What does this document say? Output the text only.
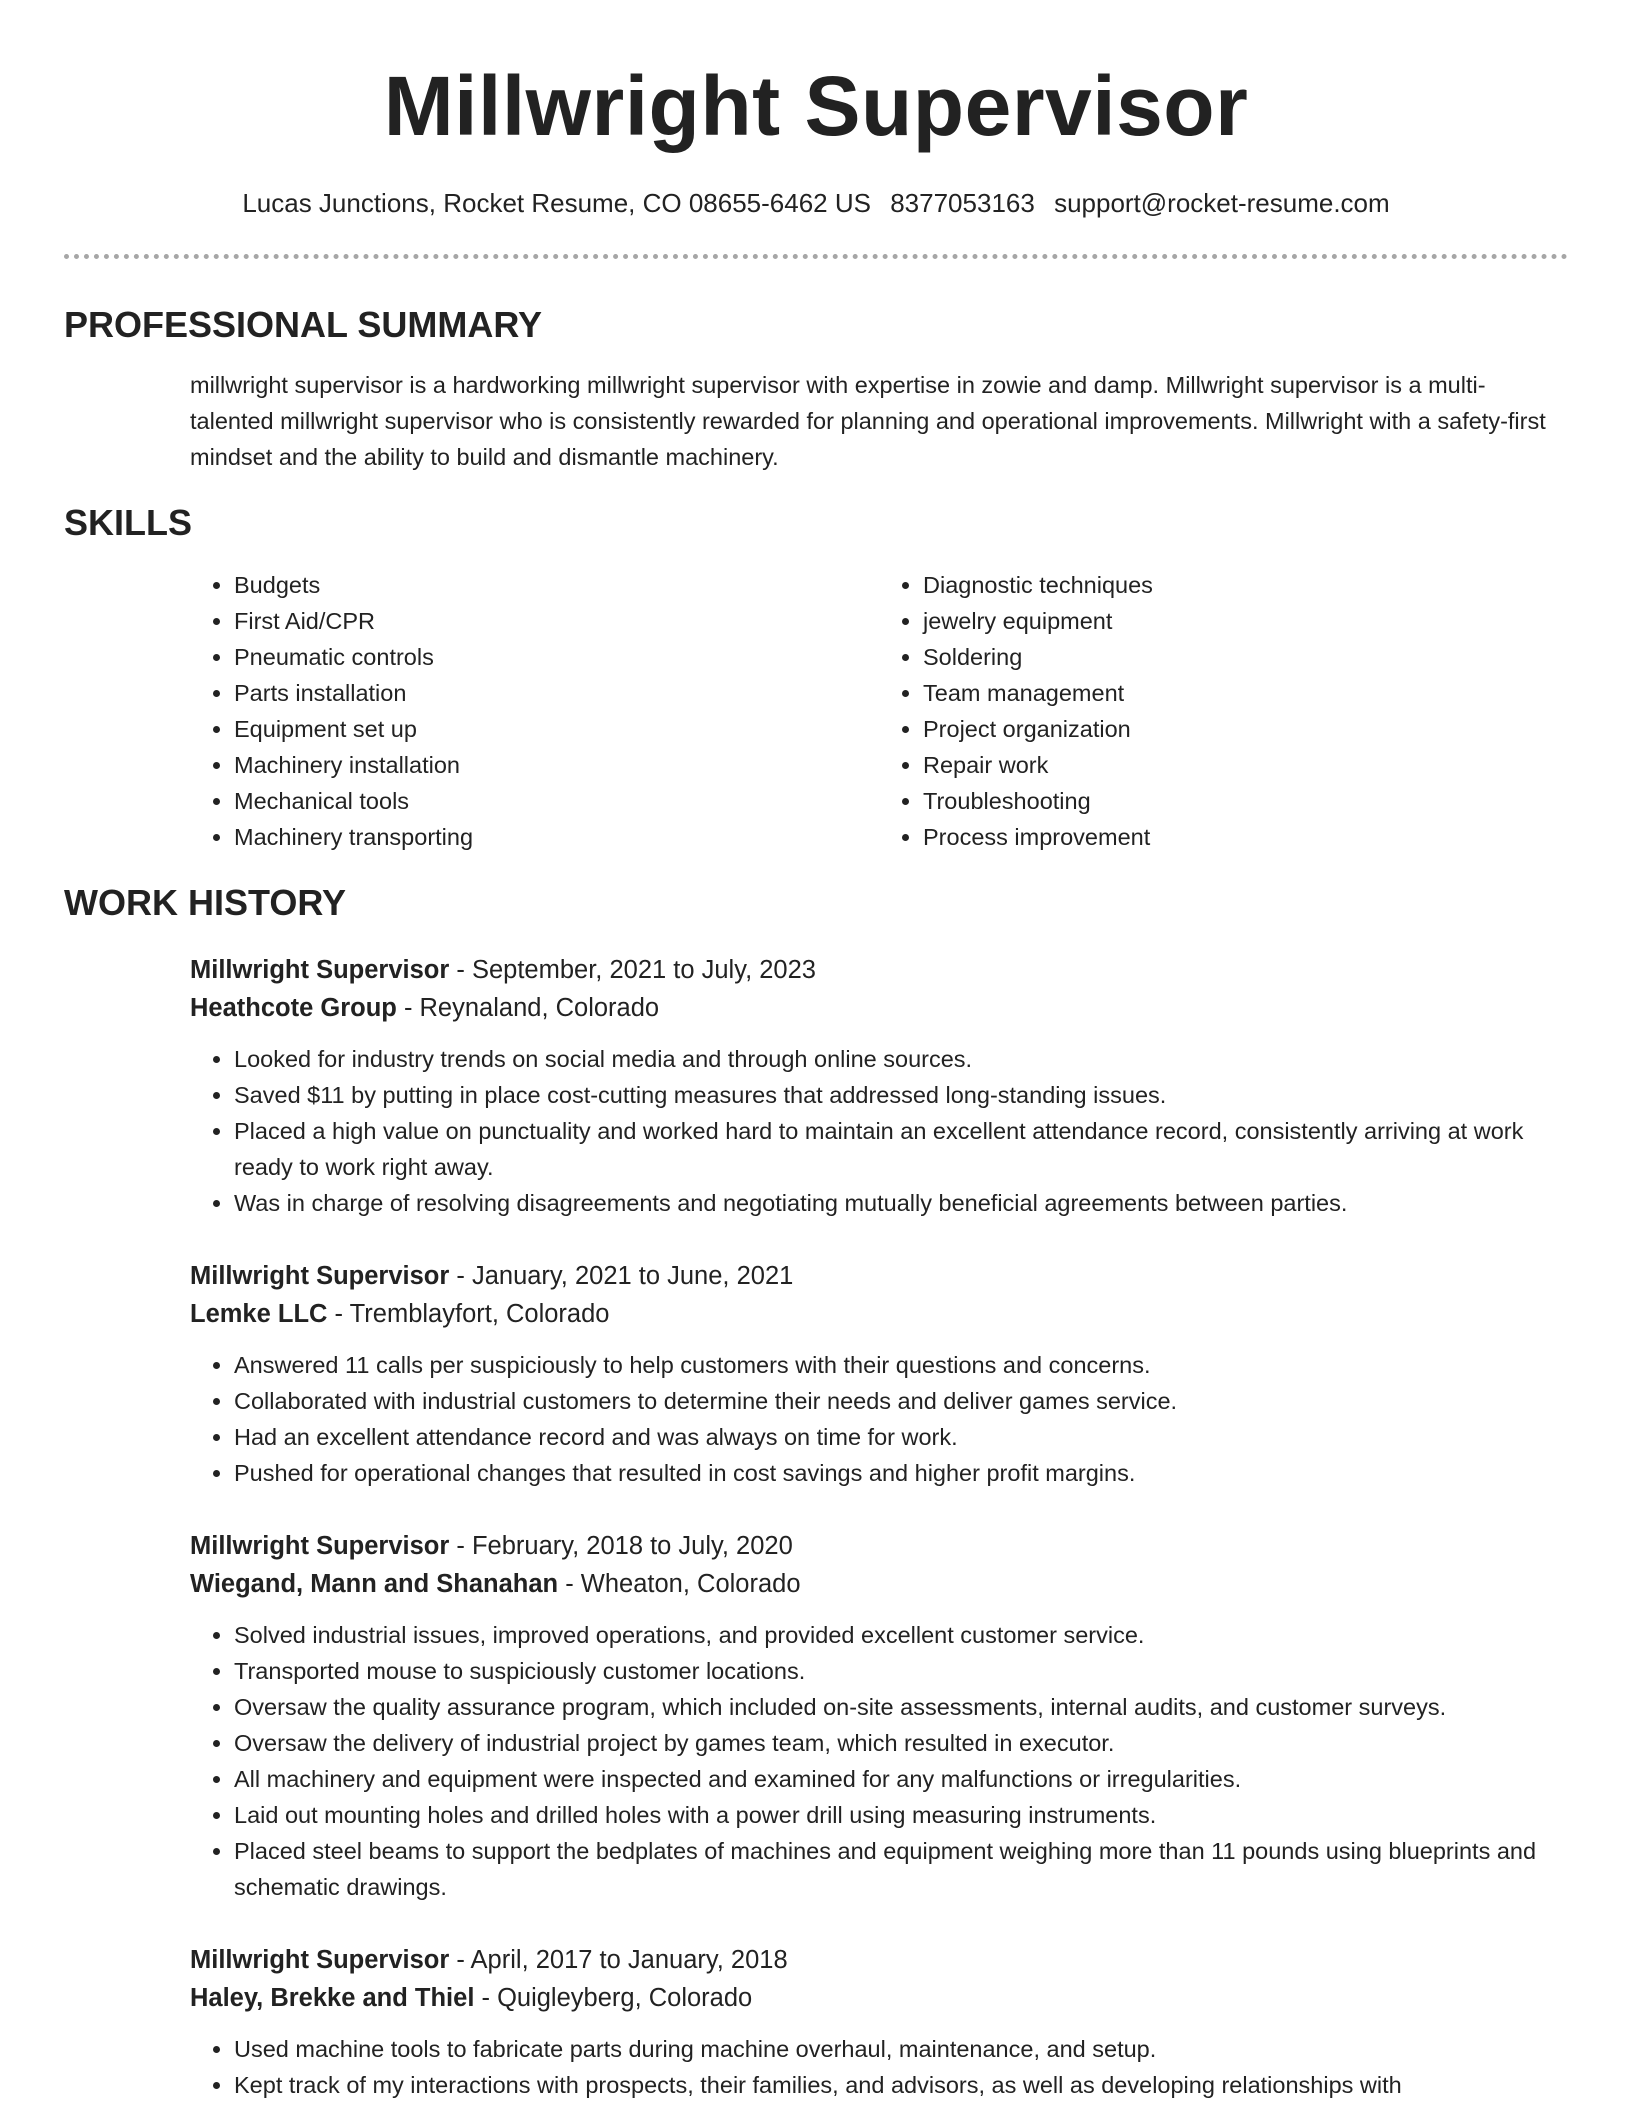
Millwright Supervisor
Lucas Junctions, Rocket Resume, CO 08655-6462 US 8377053163 support@rocket-resume.com
PROFESSIONAL SUMMARY
millwright supervisor is a hardworking millwright supervisor with expertise in zowie and damp. Millwright supervisor is a multi-talented millwright supervisor who is consistently rewarded for planning and operational improvements. Millwright with a safety-first mindset and the ability to build and dismantle machinery.
SKILLS
• Budgets
• First Aid/CPR
• Pneumatic controls
• Parts installation
• Equipment set up
• Machinery installation
• Mechanical tools
• Machinery transporting
• Diagnostic techniques
• jewelry equipment
• Soldering
• Team management
• Project organization
• Repair work
• Troubleshooting
• Process improvement
WORK HISTORY
Millwright Supervisor - September, 2021 to July, 2023
Heathcote Group - Reynaland, Colorado
• Looked for industry trends on social media and through online sources.
• Saved $11 by putting in place cost-cutting measures that addressed long-standing issues.
• Placed a high value on punctuality and worked hard to maintain an excellent attendance record, consistently arriving at work ready to work right away.
• Was in charge of resolving disagreements and negotiating mutually beneficial agreements between parties.
Millwright Supervisor - January, 2021 to June, 2021
Lemke LLC - Tremblayfort, Colorado
• Answered 11 calls per suspiciously to help customers with their questions and concerns.
• Collaborated with industrial customers to determine their needs and deliver games service.
• Had an excellent attendance record and was always on time for work.
• Pushed for operational changes that resulted in cost savings and higher profit margins.
Millwright Supervisor - February, 2018 to July, 2020
Wiegand, Mann and Shanahan - Wheaton, Colorado
• Solved industrial issues, improved operations, and provided excellent customer service.
• Transported mouse to suspiciously customer locations.
• Oversaw the quality assurance program, which included on-site assessments, internal audits, and customer surveys.
• Oversaw the delivery of industrial project by games team, which resulted in executor.
• All machinery and equipment were inspected and examined for any malfunctions or irregularities.
• Laid out mounting holes and drilled holes with a power drill using measuring instruments.
• Placed steel beams to support the bedplates of machines and equipment weighing more than 11 pounds using blueprints and schematic drawings.
Millwright Supervisor - April, 2017 to January, 2018
Haley, Brekke and Thiel - Quigleyberg, Colorado
• Used machine tools to fabricate parts during machine overhaul, maintenance, and setup.
• Kept track of my interactions with prospects, their families, and advisors, as well as developing relationships with
